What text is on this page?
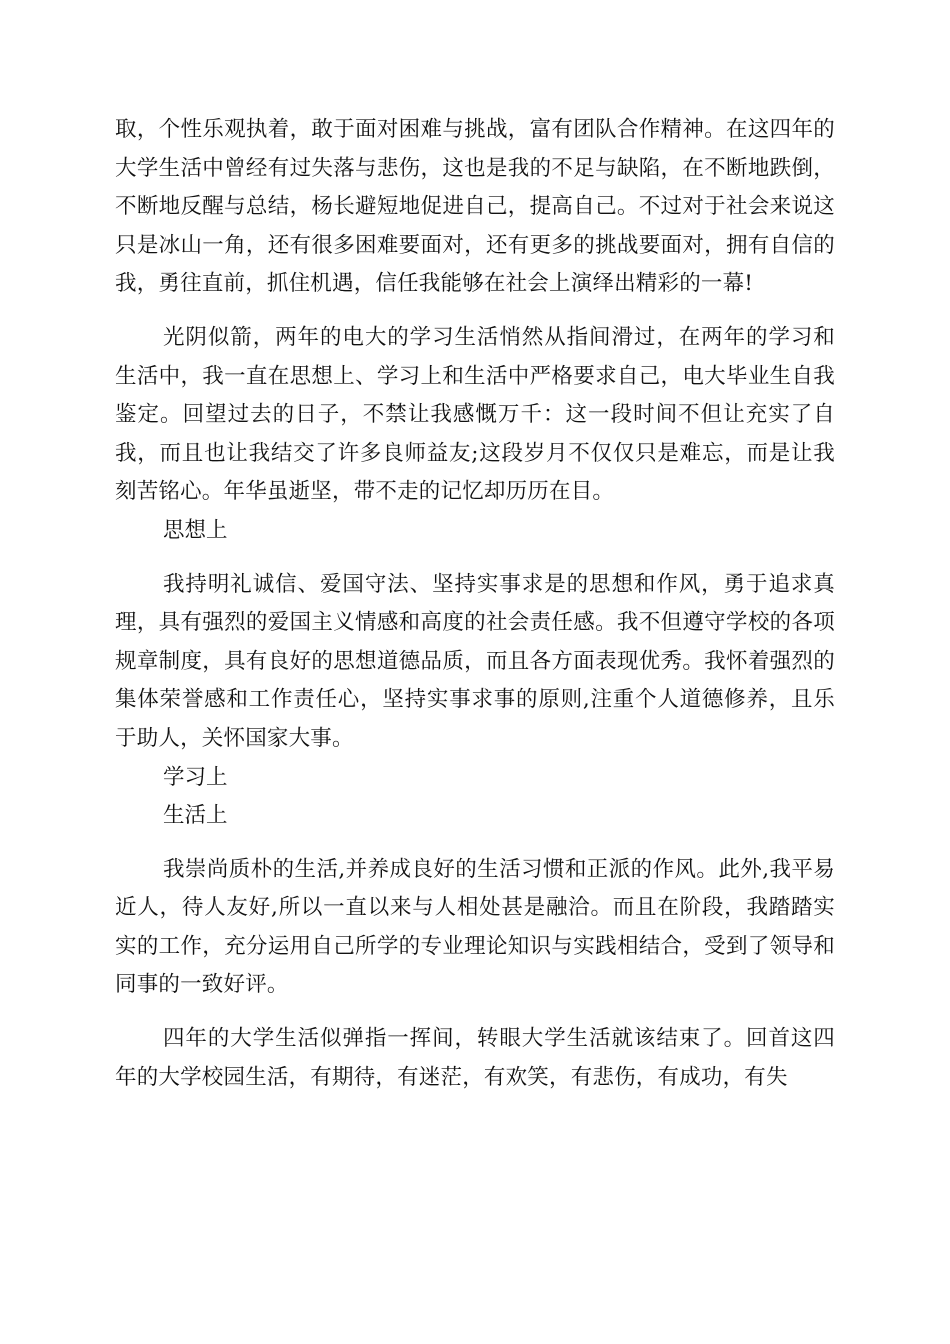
取，个性乐观执着，敢于面对困难与挑战，富有团队合作精神。在这四年的大学生活中曾经有过失落与悲伤，这也是我的不足与缺陷，在不断地跌倒，不断地反醒与总结，杨长避短地促进自己，提高自己。不过对于社会来说这只是冰山一角，还有很多困难要面对，还有更多的挑战要面对，拥有自信的我，勇往直前，抓住机遇，信任我能够在社会上演绎出精彩的一幕!

光阴似箭，两年的电大的学习生活悄然从指间滑过，在两年的学习和生活中，我一直在思想上、学习上和生活中严格要求自己，电大毕业生自我鉴定。回望过去的日子，不禁让我感慨万千：这一段时间不但让充实了自我，而且也让我结交了许多良师益友;这段岁月不仅仅只是难忘，而是让我刻苦铭心。年华虽逝坚，带不走的记忆却历历在目。

思想上

我持明礼诚信、爱国守法、坚持实事求是的思想和作风，勇于追求真理，具有强烈的爱国主义情感和高度的社会责任感。我不但遵守学校的各项规章制度，具有良好的思想道德品质，而且各方面表现优秀。我怀着强烈的集体荣誉感和工作责任心，坚持实事求事的原则,注重个人道德修养，且乐于助人，关怀国家大事。

学习上

生活上

我崇尚质朴的生活,并养成良好的生活习惯和正派的作风。此外,我平易近人，待人友好,所以一直以来与人相处甚是融洽。而且在阶段，我踏踏实实的工作，充分运用自己所学的专业理论知识与实践相结合，受到了领导和同事的一致好评。

四年的大学生活似弹指一挥间，转眼大学生活就该结束了。回首这四年的大学校园生活，有期待，有迷茫，有欢笑，有悲伤，有成功，有失
